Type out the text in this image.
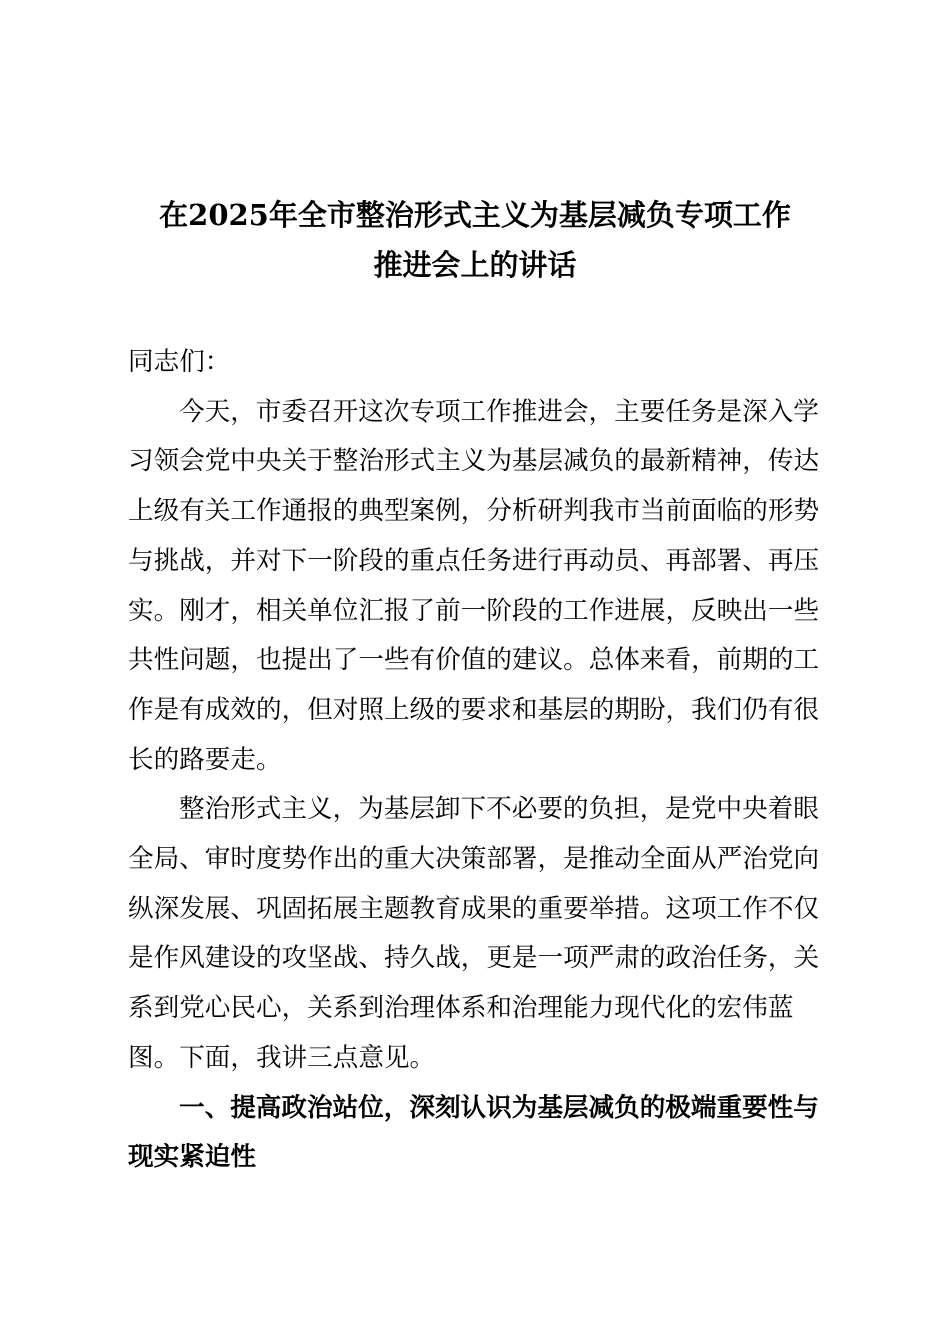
在2025年全市整治形式主义为基层减负专项工作
推进会上的讲话
同志们：
今天，市委召开这次专项工作推进会，主要任务是深入学
习领会党中央关于整治形式主义为基层减负的最新精神，传达
上级有关工作通报的典型案例，分析研判我市当前面临的形势
与挑战，并对下一阶段的重点任务进行再动员、再部署、再压
实。刚才，相关单位汇报了前一阶段的工作进展，反映出一些
共性问题，也提出了一些有价值的建议。总体来看，前期的工
作是有成效的，但对照上级的要求和基层的期盼，我们仍有很
长的路要走。
整治形式主义，为基层卸下不必要的负担，是党中央着眼
全局、审时度势作出的重大决策部署，是推动全面从严治党向
纵深发展、巩固拓展主题教育成果的重要举措。这项工作不仅
是作风建设的攻坚战、持久战，更是一项严肃的政治任务，关
系到党心民心，关系到治理体系和治理能力现代化的宏伟蓝
图。下面，我讲三点意见。
一、提高政治站位，深刻认识为基层减负的极端重要性与
现实紧迫性
